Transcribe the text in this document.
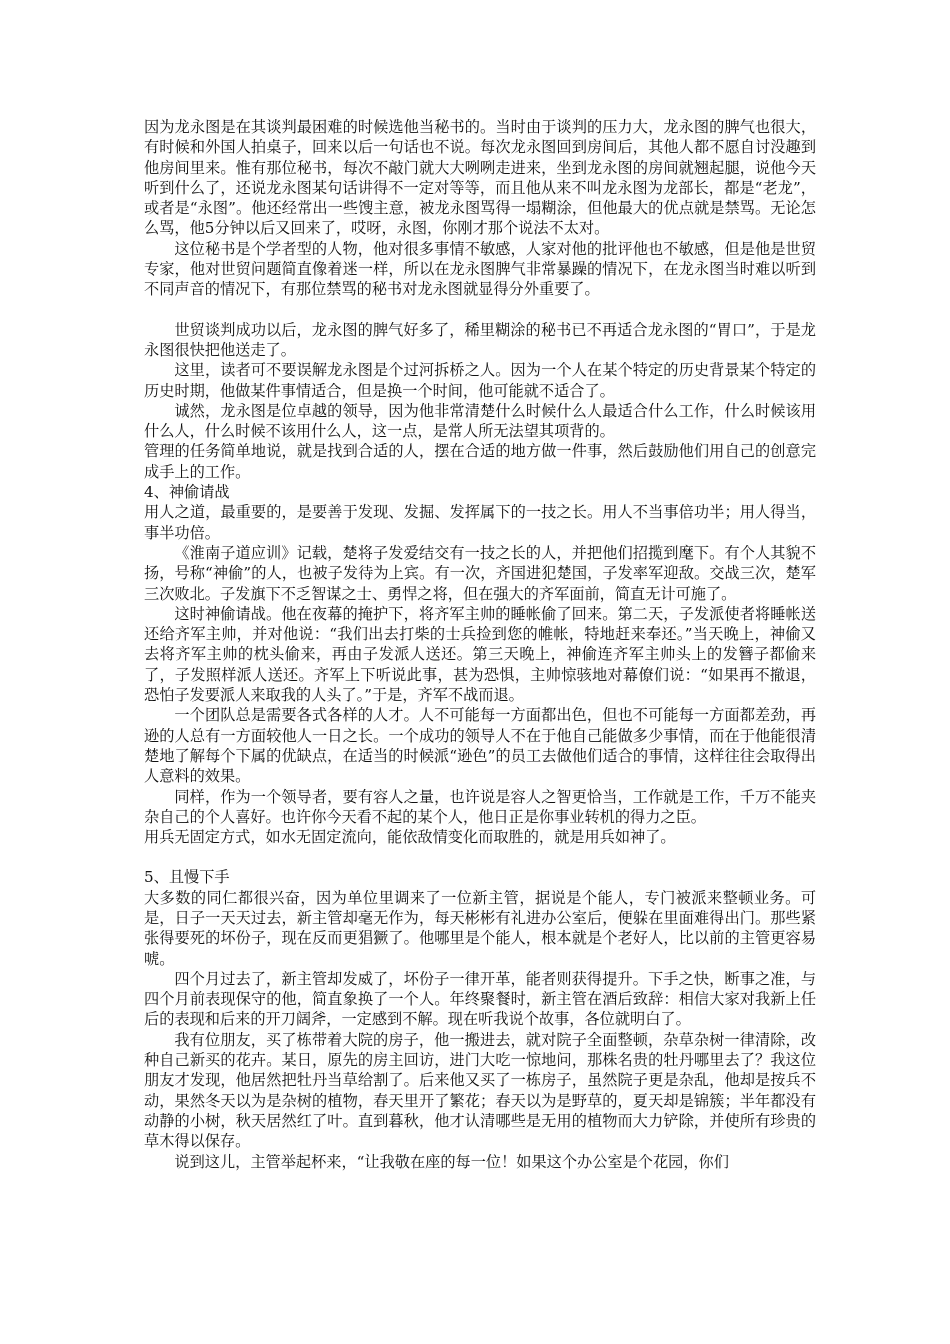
因为龙永图是在其谈判最困难的时候选他当秘书的。当时由于谈判的压力大，龙永图的脾气也很大，有时候和外国人拍桌子，回来以后一句话也不说。每次龙永图回到房间后，其他人都不愿自讨没趣到他房间里来。惟有那位秘书，每次不敲门就大大咧咧走进来，坐到龙永图的房间就翘起腿，说他今天听到什么了，还说龙永图某句话讲得不一定对等等，而且他从来不叫龙永图为龙部长，都是“老龙”，或者是“永图”。他还经常出一些馊主意，被龙永图骂得一塌糊涂，但他最大的优点就是禁骂。无论怎么骂，他5分钟以后又回来了，哎呀，永图，你刚才那个说法不太对。

这位秘书是个学者型的人物，他对很多事情不敏感，人家对他的批评他也不敏感，但是他是世贸专家，他对世贸问题简直像着迷一样，所以在龙永图脾气非常暴躁的情况下，在龙永图当时难以听到不同声音的情况下，有那位禁骂的秘书对龙永图就显得分外重要了。

世贸谈判成功以后，龙永图的脾气好多了，稀里糊涂的秘书已不再适合龙永图的“胃口”，于是龙永图很快把他送走了。

这里，读者可不要误解龙永图是个过河拆桥之人。因为一个人在某个特定的历史背景某个特定的历史时期，他做某件事情适合，但是换一个时间，他可能就不适合了。

诚然，龙永图是位卓越的领导，因为他非常清楚什么时候什么人最适合什么工作，什么时候该用什么人，什么时候不该用什么人，这一点，是常人所无法望其项背的。

管理的任务简单地说，就是找到合适的人，摆在合适的地方做一件事，然后鼓励他们用自己的创意完成手上的工作。

4、神偷请战

用人之道，最重要的，是要善于发现、发掘、发挥属下的一技之长。用人不当事倍功半；用人得当，事半功倍。

《淮南子道应训》记载，楚将子发爱结交有一技之长的人，并把他们招揽到麾下。有个人其貌不扬，号称“神偷”的人，也被子发待为上宾。有一次，齐国进犯楚国，子发率军迎敌。交战三次，楚军三次败北。子发旗下不乏智谋之士、勇悍之将，但在强大的齐军面前，简直无计可施了。

这时神偷请战。他在夜幕的掩护下，将齐军主帅的睡帐偷了回来。第二天，子发派使者将睡帐送还给齐军主帅，并对他说：“我们出去打柴的士兵捡到您的帷帐，特地赶来奉还。”当天晚上，神偷又去将齐军主帅的枕头偷来，再由子发派人送还。第三天晚上，神偷连齐军主帅头上的发簪子都偷来了，子发照样派人送还。齐军上下听说此事，甚为恐惧，主帅惊骇地对幕僚们说：“如果再不撤退，恐怕子发要派人来取我的人头了。”于是，齐军不战而退。

一个团队总是需要各式各样的人才。人不可能每一方面都出色，但也不可能每一方面都差劲，再逊的人总有一方面较他人一日之长。一个成功的领导人不在于他自己能做多少事情，而在于他能很清楚地了解每个下属的优缺点，在适当的时候派“逊色”的员工去做他们适合的事情，这样往往会取得出人意料的效果。

同样，作为一个领导者，要有容人之量，也许说是容人之智更恰当，工作就是工作，千万不能夹杂自己的个人喜好。也许你今天看不起的某个人，他日正是你事业转机的得力之臣。

用兵无固定方式，如水无固定流向，能依敌情变化而取胜的，就是用兵如神了。

5、且慢下手

大多数的同仁都很兴奋，因为单位里调来了一位新主管，据说是个能人，专门被派来整顿业务。可是，日子一天天过去，新主管却毫无作为，每天彬彬有礼进办公室后，便躲在里面难得出门。那些紧张得要死的坏份子，现在反而更猖獗了。他哪里是个能人，根本就是个老好人，比以前的主管更容易唬。

四个月过去了，新主管却发威了，坏份子一律开革，能者则获得提升。下手之快，断事之准，与四个月前表现保守的他，简直象换了一个人。年终聚餐时，新主管在酒后致辞：相信大家对我新上任后的表现和后来的开刀阔斧，一定感到不解。现在听我说个故事，各位就明白了。

我有位朋友，买了栋带着大院的房子，他一搬进去，就对院子全面整顿，杂草杂树一律清除，改种自己新买的花卉。某日，原先的房主回访，进门大吃一惊地问，那株名贵的牡丹哪里去了？我这位朋友才发现，他居然把牡丹当草给割了。后来他又买了一栋房子，虽然院子更是杂乱，他却是按兵不动，果然冬天以为是杂树的植物，春天里开了繁花；春天以为是野草的，夏天却是锦簇；半年都没有动静的小树，秋天居然红了叶。直到暮秋，他才认清哪些是无用的植物而大力铲除，并使所有珍贵的草木得以保存。

说到这儿，主管举起杯来，“让我敬在座的每一位！如果这个办公室是个花园，你们
